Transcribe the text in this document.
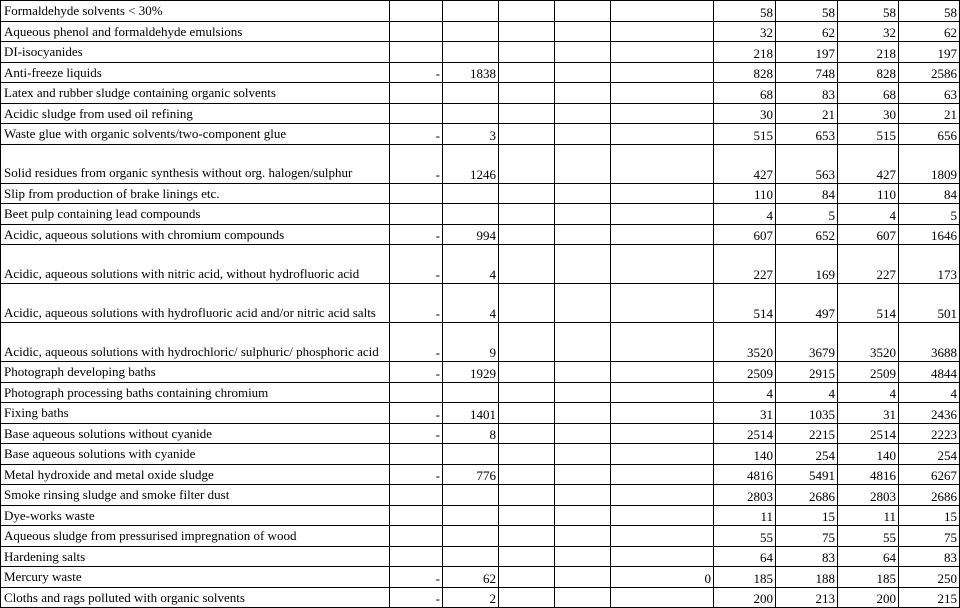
Formaldehyde solvents < 30%						58	58	58	58
Aqueous phenol and formaldehyde emulsions						32	62	32	62
DI-isocyanides						218	197	218	197
Anti-freeze liquids	-	1838				828	748	828	2586
Latex and rubber sludge containing organic solvents						68	83	68	63
Acidic sludge from used oil refining						30	21	30	21
Waste glue with organic solvents/two-component glue	-	3				515	653	515	656
Solid residues from organic synthesis without org. halogen/sulphur	-	1246				427	563	427	1809
Slip from production of brake linings etc.						110	84	110	84
Beet pulp containing lead compounds						4	5	4	5
Acidic, aqueous solutions with chromium compounds	-	994				607	652	607	1646
Acidic, aqueous solutions with nitric acid, without hydrofluoric acid	-	4				227	169	227	173
Acidic, aqueous solutions with hydrofluoric acid and/or nitric acid salts	-	4				514	497	514	501
Acidic, aqueous solutions with hydrochloric/ sulphuric/ phosphoric acid	-	9				3520	3679	3520	3688
Photograph developing baths	-	1929				2509	2915	2509	4844
Photograph processing baths containing chromium						4	4	4	4
Fixing baths	-	1401				31	1035	31	2436
Base aqueous solutions without cyanide	-	8				2514	2215	2514	2223
Base aqueous solutions with cyanide						140	254	140	254
Metal hydroxide and metal oxide sludge	-	776				4816	5491	4816	6267
Smoke rinsing sludge and smoke filter dust						2803	2686	2803	2686
Dye-works waste						11	15	11	15
Aqueous sludge from pressurised impregnation of wood						55	75	55	75
Hardening salts						64	83	64	83
Mercury waste	-	62			0	185	188	185	250
Cloths and rags polluted with organic solvents	-	2				200	213	200	215
